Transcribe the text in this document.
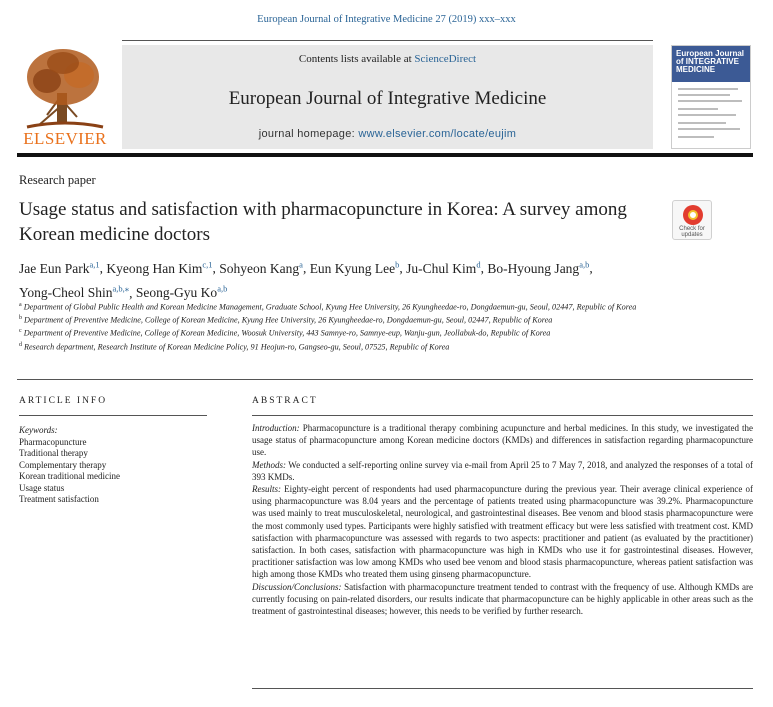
European Journal of Integrative Medicine 27 (2019) xxx–xxx
ELSEVIER
Contents lists available at ScienceDirect
European Journal of Integrative Medicine
journal homepage: www.elsevier.com/locate/eujim
European Journal of INTEGRATIVE MEDICINE
Research paper
Usage status and satisfaction with pharmacopuncture in Korea: A survey among Korean medicine doctors	Check for updates
Jae Eun Park$^{a,1}$, Kyeong Han Kim$^{c,1}$, Sohyeon Kang$^a$, Eun Kyung Lee$^b$, Ju-Chul Kim$^d$, Bo-Hyoung Jang$^{a,b}$, Yong-Cheol Shin$^{a,b,⁎}$, Seong-Gyu Ko$^{a,b}$
$^a$ Department of Global Public Health and Korean Medicine Management, Graduate School, Kyung Hee University, 26 Kyungheedae-ro, Dongdaemun-gu, Seoul, 02447, Republic of Korea
$^b$ Department of Preventive Medicine, College of Korean Medicine, Kyung Hee University, 26 Kyungheedae-ro, Dongdaemun-gu, Seoul, 02447, Republic of Korea
$^c$ Department of Preventive Medicine, College of Korean Medicine, Woosuk University, 443 Samnye-ro, Samnye-eup, Wanju-gun, Jeollabuk-do, Republic of Korea
$^d$ Research department, Research Institute of Korean Medicine Policy, 91 Heojun-ro, Gangseo-gu, Seoul, 07525, Republic of Korea
ARTICLE INFO	ABSTRACT
Keywords:
Pharmacopuncture
Traditional therapy
Complementary therapy
Korean traditional medicine
Usage status
Treatment satisfaction
Introduction: Pharmacopuncture is a traditional therapy combining acupuncture and herbal medicines. In this study, we investigated the usage status of pharmacopuncture among Korean medicine doctors (KMDs) and differences in satisfaction regarding pharmacopuncture use.
Methods: We conducted a self-reporting online survey via e-mail from April 25 to 7 May 7, 2018, and analyzed the responses of a total of 393 KMDs.
Results: Eighty-eight percent of respondents had used pharmacopuncture during the previous year. Their average clinical experience of using pharmacopuncture was 8.04 years and the percentage of patients treated using pharmacopuncture was 39.2%. Pharmacopuncture was used mainly to treat musculoskeletal, neurological, and gastrointestinal diseases. Bee venom and blood stasis pharmacopuncture were the most commonly used types. Participants were highly satisfied with treatment efficacy but were less satisfied with treatment cost. KMD satisfaction with pharmacopuncture was assessed with regards to two aspects: practitioner and patient (as evaluated by the practitioner) satisfaction. In both cases, satisfaction with pharmacopuncture was high in KMDs who use it for gastrointestinal diseases. However, practitioner satisfaction was low among KMDs who used bee venom and blood stasis pharmacopuncture, whereas patient satisfaction was high among those KMDs who treated them using ginseng pharmacopuncture.
Discussion/Conclusions: Satisfaction with pharmacopuncture treatment tended to contrast with the frequency of use. Although KMDs are currently focusing on pain-related disorders, our results indicate that pharmacopuncture can be highly applicable in other areas such as the treatment of gastrointestinal diseases; however, this needs to be verified by further research.
